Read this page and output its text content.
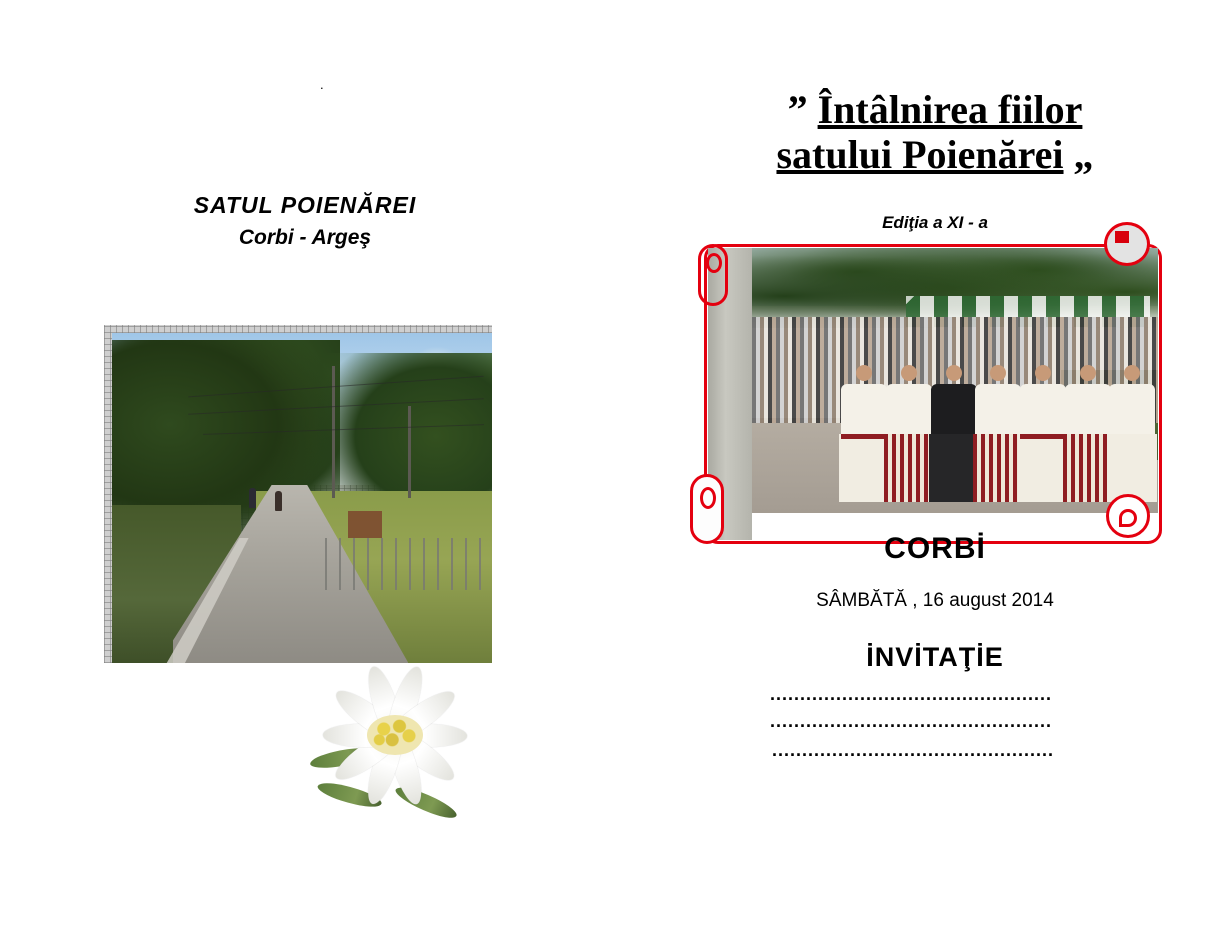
.
SATUL POIENĂREI
Corbi - Argeş
” Întâlnirea fiilor
satului Poienărei „
Ediţia a XI - a
CORBİ
SÂMBĂTĂ , 16 august 2014
İNVİTAŢİE
...............................................
...............................................
...............................................
